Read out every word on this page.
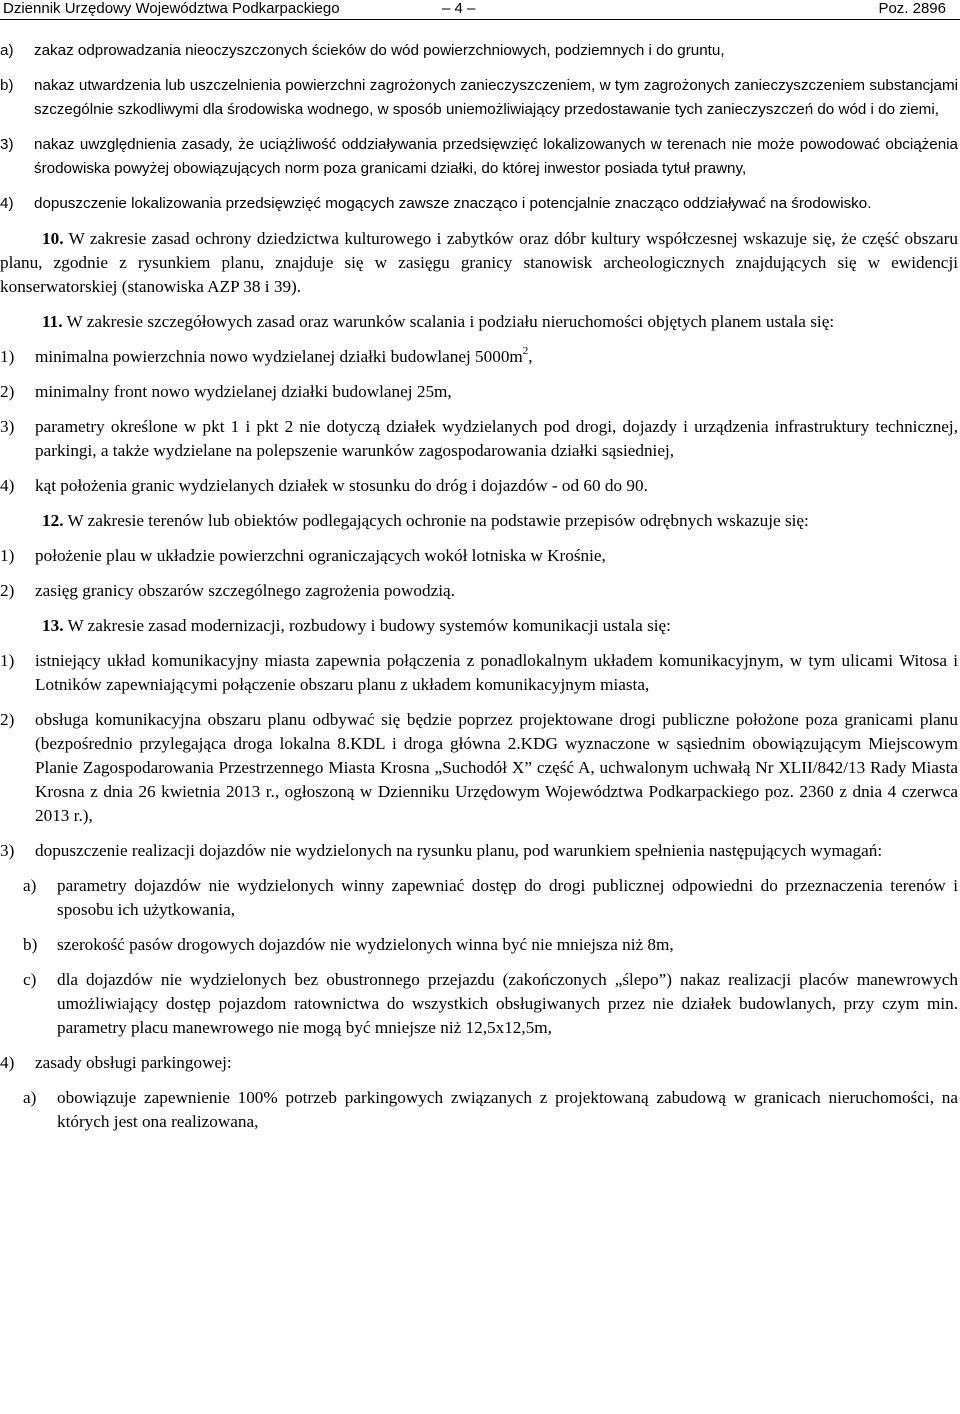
Dziennik Urzędowy Województwa Podkarpackiego	– 4 –	Poz. 2896
a) zakaz odprowadzania nieoczyszczonych ścieków do wód powierzchniowych, podziemnych i do gruntu,
b) nakaz utwardzenia lub uszczelnienia powierzchni zagrożonych zanieczyszczeniem, w tym zagrożonych zanieczyszczeniem substancjami szczególnie szkodliwymi dla środowiska wodnego, w sposób uniemożliwiający przedostawanie tych zanieczyszczeń do wód i do ziemi,
3) nakaz uwzględnienia zasady, że uciążliwość oddziaływania przedsięwzięć lokalizowanych w terenach nie może powodować obciążenia środowiska powyżej obowiązujących norm poza granicami działki, do której inwestor posiada tytuł prawny,
4) dopuszczenie lokalizowania przedsięwzięć mogących zawsze znacząco i potencjalnie znacząco oddziaływać na środowisko.
10. W zakresie zasad ochrony dziedzictwa kulturowego i zabytków oraz dóbr kultury współczesnej wskazuje się, że część obszaru planu, zgodnie z rysunkiem planu, znajduje się w zasięgu granicy stanowisk archeologicznych znajdujących się w ewidencji konserwatorskiej (stanowiska AZP 38 i 39).
11. W zakresie szczegółowych zasad oraz warunków scalania i podziału nieruchomości objętych planem ustala się:
1) minimalna powierzchnia nowo wydzielanej działki budowlanej $5000m^2$,
2) minimalny front nowo wydzielanej działki budowlanej 25m,
3) parametry określone w pkt 1 i pkt 2 nie dotyczą działek wydzielanych pod drogi, dojazdy i urządzenia infrastruktury technicznej, parkingi, a także wydzielane na polepszenie warunków zagospodarowania działki sąsiedniej,
4) kąt położenia granic wydzielanych działek w stosunku do dróg i dojazdów - od 60 do 90.
12. W zakresie terenów lub obiektów podlegających ochronie na podstawie przepisów odrębnych wskazuje się:
1) położenie plau w układzie powierzchni ograniczających wokół lotniska w Krośnie,
2) zasięg granicy obszarów szczególnego zagrożenia powodzią.
13. W zakresie zasad modernizacji, rozbudowy i budowy systemów komunikacji ustala się:
1) istniejący układ komunikacyjny miasta zapewnia połączenia z ponadlokalnym układem komunikacyjnym, w tym ulicami Witosa i Lotników zapewniającymi połączenie obszaru planu z układem komunikacyjnym miasta,
2) obsługa komunikacyjna obszaru planu odbywać się będzie poprzez projektowane drogi publiczne położone poza granicami planu (bezpośrednio przylegająca droga lokalna 8.KDL i droga główna 2.KDG wyznaczone w sąsiednim obowiązującym Miejscowym Planie Zagospodarowania Przestrzennego Miasta Krosna „Suchodół X” część A, uchwalonym uchwałą Nr XLII/842/13 Rady Miasta Krosna z dnia 26 kwietnia 2013 r., ogłoszoną w Dzienniku Urzędowym Województwa Podkarpackiego poz. 2360 z dnia 4 czerwca 2013 r.),
3) dopuszczenie realizacji dojazdów nie wydzielonych na rysunku planu, pod warunkiem spełnienia następujących wymagań:
a) parametry dojazdów nie wydzielonych winny zapewniać dostęp do drogi publicznej odpowiedni do przeznaczenia terenów i sposobu ich użytkowania,
b) szerokość pasów drogowych dojazdów nie wydzielonych winna być nie mniejsza niż 8m,
c) dla dojazdów nie wydzielonych bez obustronnego przejazdu (zakończonych „ślepo”) nakaz realizacji placów manewrowych umożliwiający dostęp pojazdom ratownictwa do wszystkich obsługiwanych przez nie działek budowlanych, przy czym min. parametry placu manewrowego nie mogą być mniejsze niż 12,5x12,5m,
4) zasady obsługi parkingowej:
a) obowiązuje zapewnienie 100% potrzeb parkingowych związanych z projektowaną zabudową w granicach nieruchomości, na których jest ona realizowana,
